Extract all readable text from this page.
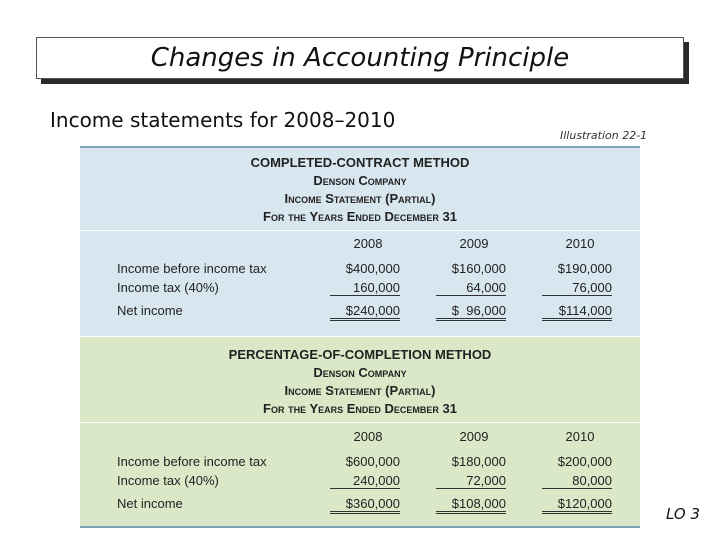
Changes in Accounting Principle
Income statements for 2008–2010
Illustration 22-1
COMPLETED-CONTRACT METHOD
Denson Company
Income Statement (Partial)
For the Years Ended December 31
2008	2009	2010
Income before income tax	$400,000	$160,000	$190,000
Income tax (40%)	160,000	64,000	76,000
Net income	$240,000	$  96,000	$114,000
PERCENTAGE-OF-COMPLETION METHOD
Denson Company
Income Statement (Partial)
For the Years Ended December 31
2008	2009	2010
Income before income tax	$600,000	$180,000	$200,000
Income tax (40%)	240,000	72,000	80,000
Net income	$360,000	$108,000	$120,000
LO 3
